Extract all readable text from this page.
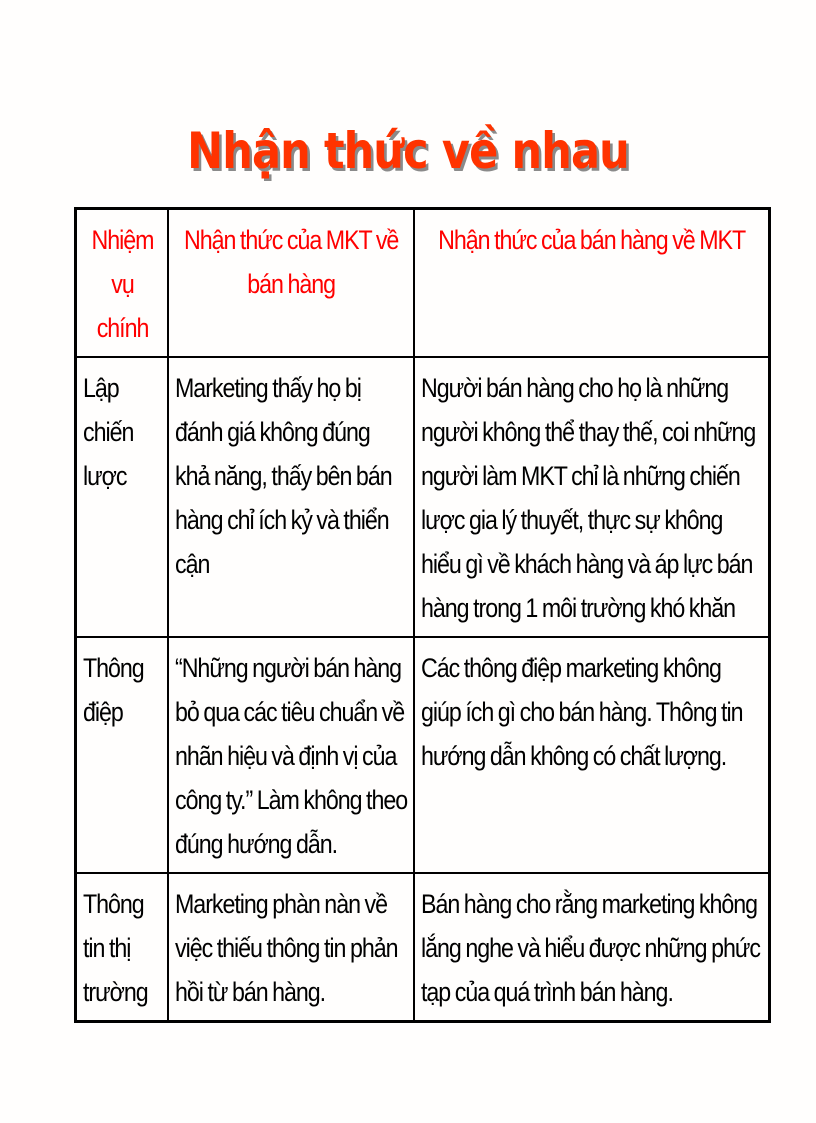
Nhận thức về nhau
Nhiệm vụ chính	Nhận thức của MKT về bán hàng	Nhận thức của bán hàng về MKT

Lập chiến lược	Marketing thấy họ bị đánh giá không đúng khả năng, thấy bên bán hàng chỉ ích kỷ và thiển cận	Người bán hàng cho họ là những người không thể thay thế, coi những người làm MKT chỉ là những chiến lược gia lý thuyết, thực sự không hiểu gì về khách hàng và áp lực bán hàng trong 1 môi trường khó khăn

Thông điệp	“Những người bán hàng bỏ qua các tiêu chuẩn về nhãn hiệu và định vị của công ty.” Làm không theo đúng hướng dẫn.	Các thông điệp marketing không giúp ích gì cho bán hàng. Thông tin hướng dẫn không có chất lượng.

Thông tin thị trường	Marketing phàn nàn về việc thiếu thông tin phản hồi từ bán hàng.	Bán hàng cho rằng marketing không lắng nghe và hiểu được những phức tạp của quá trình bán hàng.
